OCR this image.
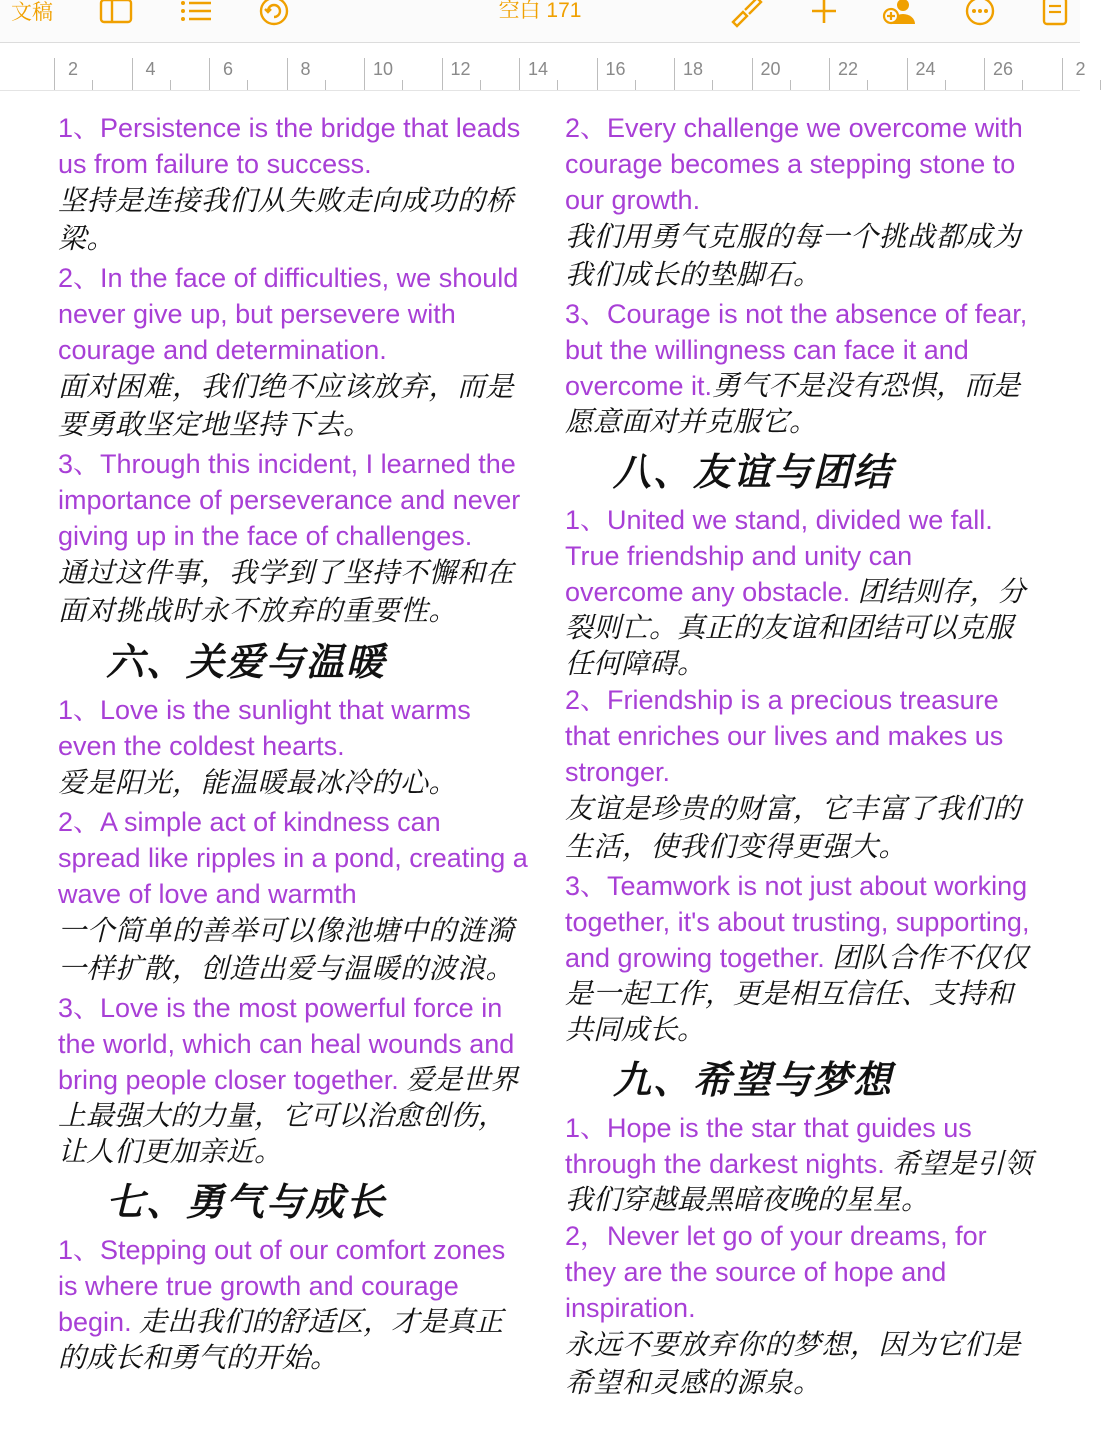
文稿	空白 171
2	4	6	8	10	12	14	16	18	20	22	24	26	2

1、Persistence is the bridge that leads us from failure to success.

坚持是连接我们从失败走向成功的桥梁。

2、In the face of difficulties, we should never give up, but persevere with courage and determination.

面对困难，我们绝不应该放弃，而是要勇敢坚定地坚持下去。

3、Through this incident, I learned the importance of perseverance and never giving up in the face of challenges.

通过这件事，我学到了坚持不懈和在面对挑战时永不放弃的重要性。

六、关爱与温暖

1、Love is the sunlight that warms even the coldest hearts.

爱是阳光，能温暖最冰冷的心。

2、A simple act of kindness can spread like ripples in a pond, creating a wave of love and warmth

一个简单的善举可以像池塘中的涟漪一样扩散，创造出爱与温暖的波浪。

3、Love is the most powerful force in the world, which can heal wounds and bring people closer together. 爱是世界上最强大的力量，它可以治愈创伤，让人们更加亲近。

七、勇气与成长

1、Stepping out of our comfort zones is where true growth and courage begin. 走出我们的舒适区，才是真正的成长和勇气的开始。

2、Every challenge we overcome with courage becomes a stepping stone to our growth.

我们用勇气克服的每一个挑战都成为我们成长的垫脚石。

3、Courage is not the absence of fear, but the willingness can face it and overcome it.勇气不是没有恐惧，而是愿意面对并克服它。

八、友谊与团结

1、United we stand, divided we fall. True friendship and unity can overcome any obstacle. 团结则存，分裂则亡。真正的友谊和团结可以克服任何障碍。

2、Friendship is a precious treasure that enriches our lives and makes us stronger.

友谊是珍贵的财富，它丰富了我们的生活，使我们变得更强大。

3、Teamwork is not just about working together, it's about trusting, supporting, and growing together. 团队合作不仅仅是一起工作，更是相互信任、支持和共同成长。

九、希望与梦想

1、Hope is the star that guides us through the darkest nights. 希望是引领我们穿越最黑暗夜晚的星星。

2，Never let go of your dreams, for they are the source of hope and inspiration.

永远不要放弃你的梦想，因为它们是希望和灵感的源泉。
